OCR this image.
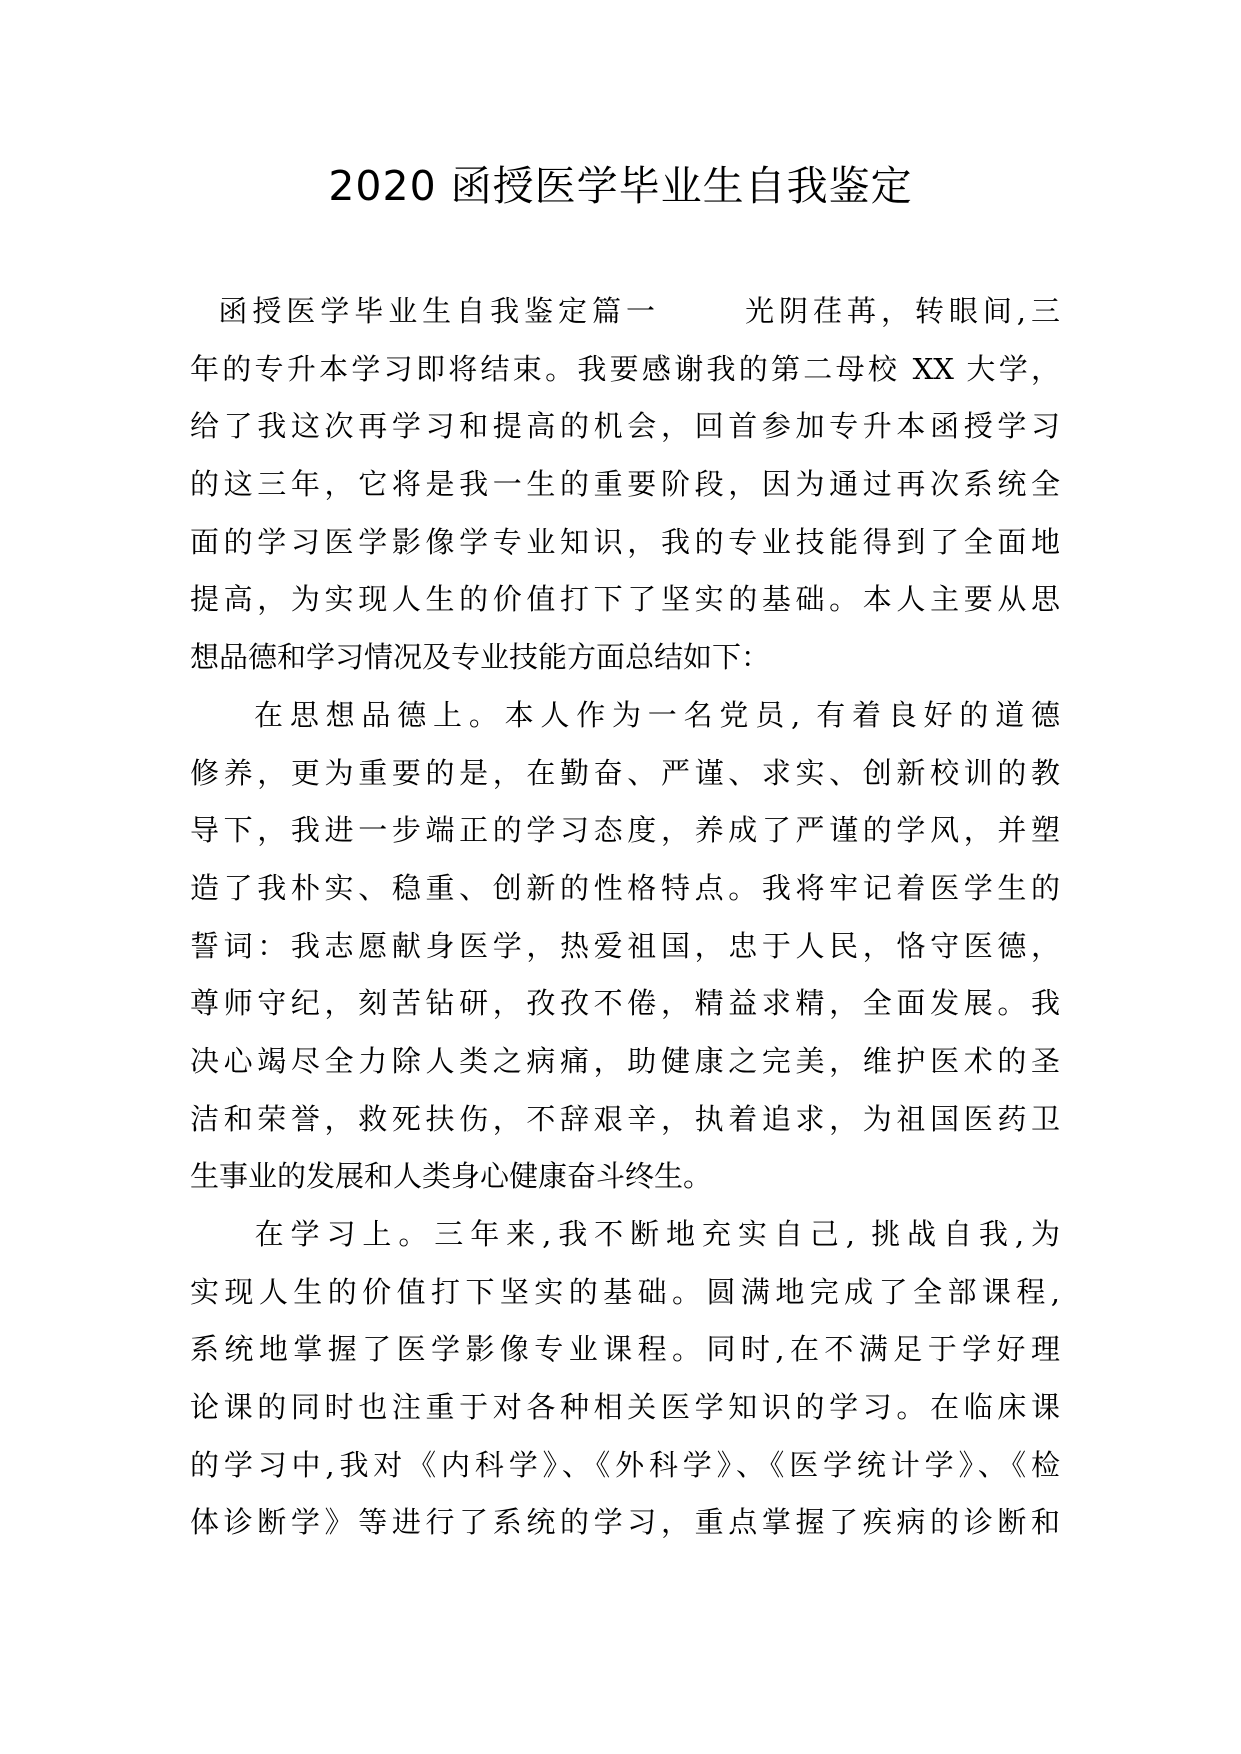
2020 函授医学毕业生自我鉴定
函授医学毕业生自我鉴定篇一      光阴荏苒，转眼间,三
年的专升本学习即将结束。我要感谢我的第二母校 XX 大学，
给了我这次再学习和提高的机会，回首参加专升本函授学习
的这三年，它将是我一生的重要阶段，因为通过再次系统全
面的学习医学影像学专业知识，我的专业技能得到了全面地
提高，为实现人生的价值打下了坚实的基础。本人主要从思
想品德和学习情况及专业技能方面总结如下：
在思想品德上。本人作为一名党员, 有着良好的道德
修养，更为重要的是，在勤奋、严谨、求实、创新校训的教
导下，我进一步端正的学习态度，养成了严谨的学风，并塑
造了我朴实、稳重、创新的性格特点。我将牢记着医学生的
誓词：我志愿献身医学，热爱祖国，忠于人民，恪守医德，
尊师守纪，刻苦钻研，孜孜不倦，精益求精，全面发展。我
决心竭尽全力除人类之病痛，助健康之完美，维护医术的圣
洁和荣誉，救死扶伤，不辞艰辛，执着追求，为祖国医药卫
生事业的发展和人类身心健康奋斗终生。
在学习上。三年来,我不断地充实自己, 挑战自我,为
实现人生的价值打下坚实的基础。圆满地完成了全部课程,
系统地掌握了医学影像专业课程。同时,在不满足于学好理
论课的同时也注重于对各种相关医学知识的学习。在临床课
的学习中,我对《内科学》、《外科学》、《医学统计学》、《检
体诊断学》等进行了系统的学习，重点掌握了疾病的诊断和
